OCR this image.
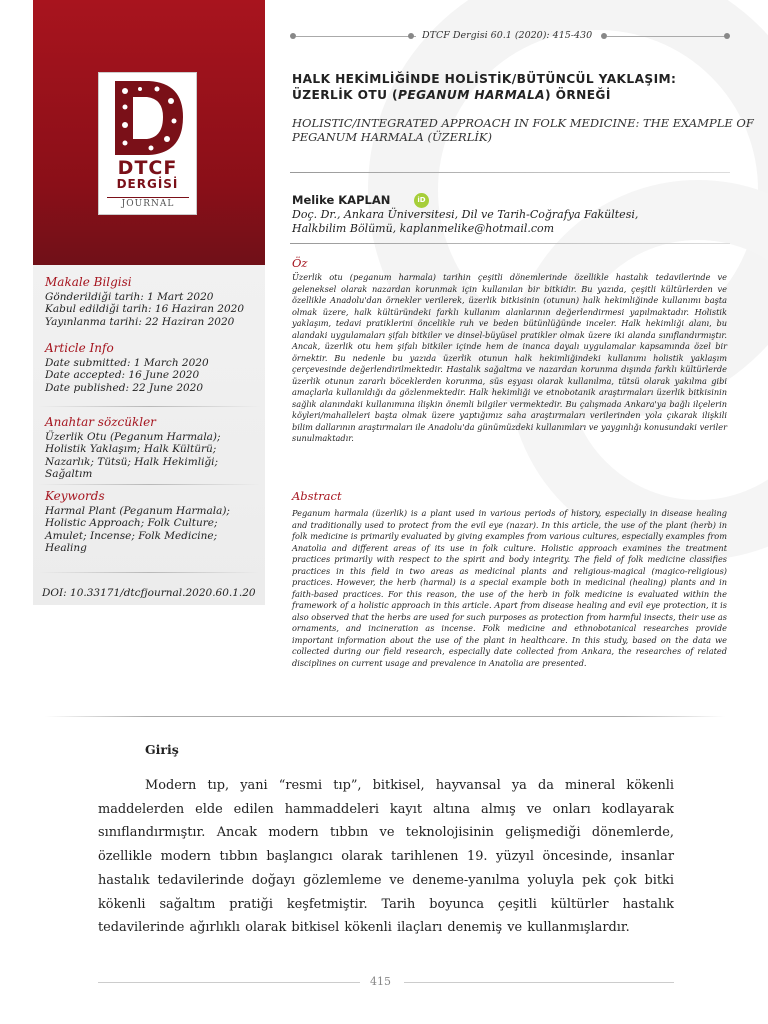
DTCF
DERGİSİ
JOURNAL
Makale Bilgisi
Gönderildiği tarih: 1 Mart 2020
Kabul edildiği tarih: 16 Haziran 2020
Yayınlanma tarihi: 22 Haziran 2020
Article Info
Date submitted: 1 March 2020
Date accepted: 16 June 2020
Date published: 22 June 2020
Anahtar sözcükler
Üzerlik Otu (Peganum Harmala);
Holistik Yaklaşım; Halk Kültürü;
Nazarlık; Tütsü; Halk Hekimliği;
Sağaltım
Keywords
Harmal Plant (Peganum Harmala);
Holistic Approach; Folk Culture;
Amulet; Incense; Folk Medicine;
Healing
DOI: 10.33171/dtcfjournal.2020.60.1.20
DTCF Dergisi 60.1 (2020): 415-430
HALK HEKİMLİĞİNDE HOLİSTİK/BÜTÜNCÜL YAKLAŞIM:
ÜZERLİK OTU (PEGANUM HARMALA) ÖRNEĞİ
HOLISTIC/INTEGRATED APPROACH IN FOLK MEDICINE: THE EXAMPLE OF PEGANUM HARMALA (ÜZERLİK)
Melike KAPLAN	iD
Doç. Dr., Ankara Üniversitesi, Dil ve Tarih-Coğrafya Fakültesi,
Halkbilim Bölümü, kaplanmelike@hotmail.com
Öz
Üzerlik otu (peganum harmala) tarihin çeşitli dönemlerinde özellikle hastalık tedavilerinde ve geleneksel olarak nazardan korunmak için kullanılan bir bitkidir. Bu yazıda, çeşitli kültürlerden ve özellikle Anadolu'dan örnekler verilerek, üzerlik bitkisinin (otunun) halk hekimliğinde kullanımı başta olmak üzere, halk kültüründeki farklı kullanım alanlarının değerlendirmesi yapılmaktadır. Holistik yaklaşım, tedavi pratiklerini öncelikle ruh ve beden bütünlüğünde inceler. Halk hekimliği alanı, bu alandaki uygulamaları şifalı bitkiler ve dinsel-büyüsel pratikler olmak üzere iki alanda sınıflandırmıştır. Ancak, üzerlik otu hem şifalı bitkiler içinde hem de inanca dayalı uygulamalar kapsamında özel bir örnektir. Bu nedenle bu yazıda üzerlik otunun halk hekimliğindeki kullanımı holistik yaklaşım çerçevesinde değerlendirilmektedir. Hastalık sağaltma ve nazardan korunma dışında farklı kültürlerde üzerlik otunun zararlı böceklerden korunma, süs eşyası olarak kullanılma, tütsü olarak yakılma gibi amaçlarla kullanıldığı da gözlenmektedir. Halk hekimliği ve etnobotanik araştırmaları üzerlik bitkisinin sağlık alanındaki kullanımına ilişkin önemli bilgiler vermektedir. Bu çalışmada Ankara'ya bağlı ilçelerin köyleri/mahalleleri başta olmak üzere yaptığımız saha araştırmaları verilerinden yola çıkarak ilişkili bilim dallarının araştırmaları ile Anadolu'da günümüzdeki kullanımları ve yaygınlığı konusundaki veriler sunulmaktadır.
Abstract
Peganum harmala (üzerlik) is a plant used in various periods of history, especially in disease healing and traditionally used to protect from the evil eye (nazar). In this article, the use of the plant (herb) in folk medicine is primarily evaluated by giving examples from various cultures, especially examples from Anatolia and different areas of its use in folk culture. Holistic approach examines the treatment practices primarily with respect to the spirit and body integrity. The field of folk medicine classifies practices in this field in two areas as medicinal plants and religious-magical (magico-religious) practices. However, the herb (harmal) is a special example both in medicinal (healing) plants and in faith-based practices. For this reason, the use of the herb in folk medicine is evaluated within the framework of a holistic approach in this article. Apart from disease healing and evil eye protection, it is also observed that the herbs are used for such purposes as protection from harmful insects, their use as ornaments, and incineration as incense. Folk medicine and ethnobotanical researches provide important information about the use of the plant in healthcare. In this study, based on the data we collected during our field research, especially date collected from Ankara, the researches of related disciplines on current usage and prevalence in Anatolia are presented.
Giriş
Modern tıp, yani “resmi tıp”, bitkisel, hayvansal ya da mineral kökenli maddelerden elde edilen hammaddeleri kayıt altına almış ve onları kodlayarak sınıflandırmıştır. Ancak modern tıbbın ve teknolojisinin gelişmediği dönemlerde, özellikle modern tıbbın başlangıcı olarak tarihlenen 19. yüzyıl öncesinde, insanlar hastalık tedavilerinde doğayı gözlemleme ve deneme-yanılma yoluyla pek çok bitki kökenli sağaltım pratiği keşfetmiştir. Tarih boyunca çeşitli kültürler hastalık tedavilerinde ağırlıklı olarak bitkisel kökenli ilaçları denemiş ve kullanmışlardır.
415
